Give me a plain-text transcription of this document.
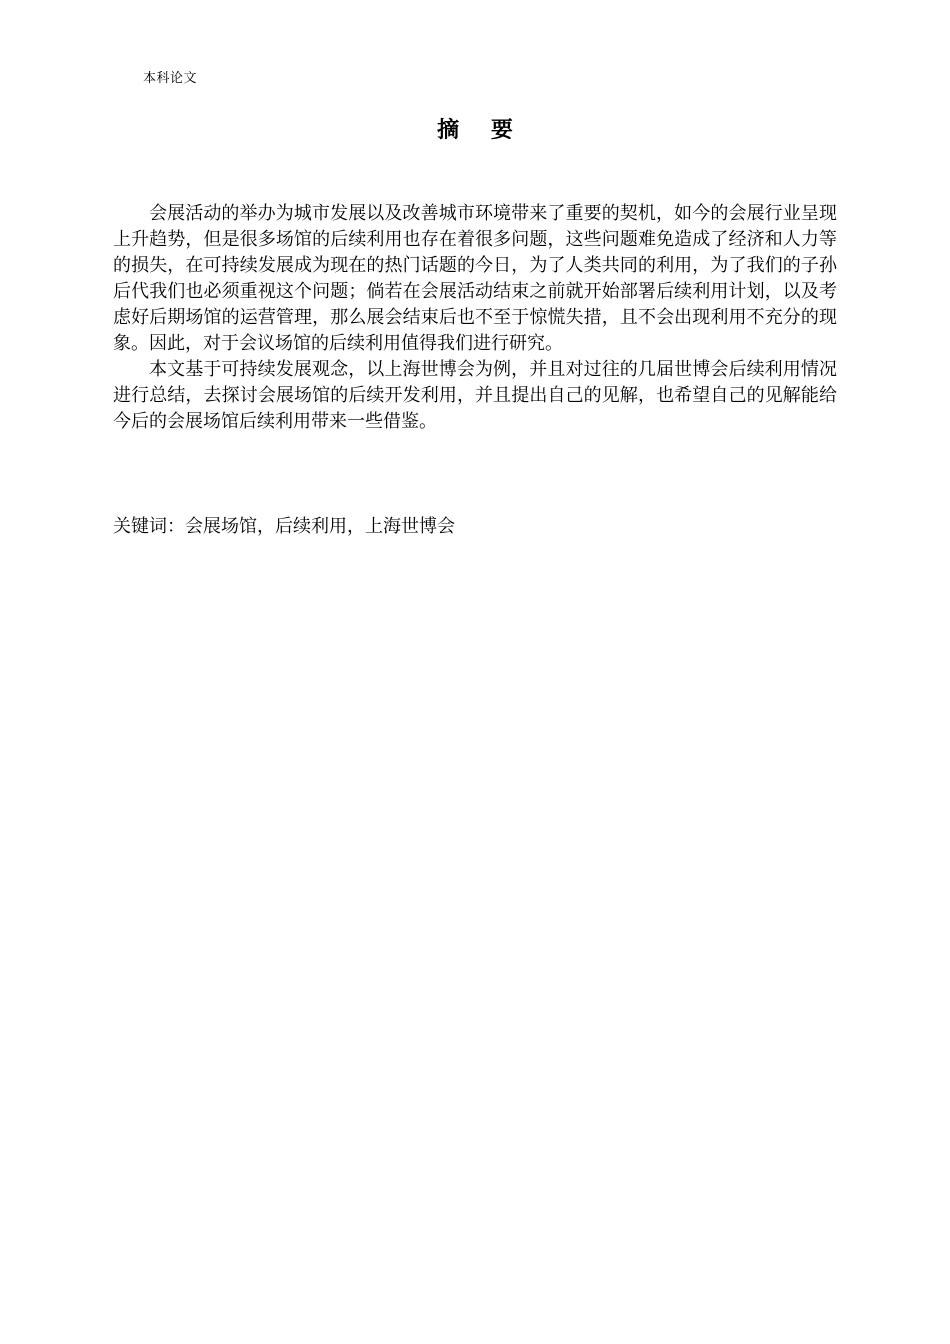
本科论文
摘 要

会展活动的举办为城市发展以及改善城市环境带来了重要的契机，如今的会展行业呈现上升趋势，但是很多场馆的后续利用也存在着很多问题，这些问题难免造成了经济和人力等的损失，在可持续发展成为现在的热门话题的今日，为了人类共同的利用，为了我们的子孙后代我们也必须重视这个问题；倘若在会展活动结束之前就开始部署后续利用计划，以及考虑好后期场馆的运营管理，那么展会结束后也不至于惊慌失措，且不会出现利用不充分的现象。因此，对于会议场馆的后续利用值得我们进行研究。

本文基于可持续发展观念，以上海世博会为例，并且对过往的几届世博会后续利用情况进行总结，去探讨会展场馆的后续开发利用，并且提出自己的见解，也希望自己的见解能给今后的会展场馆后续利用带来一些借鉴。

关键词：会展场馆，后续利用，上海世博会
